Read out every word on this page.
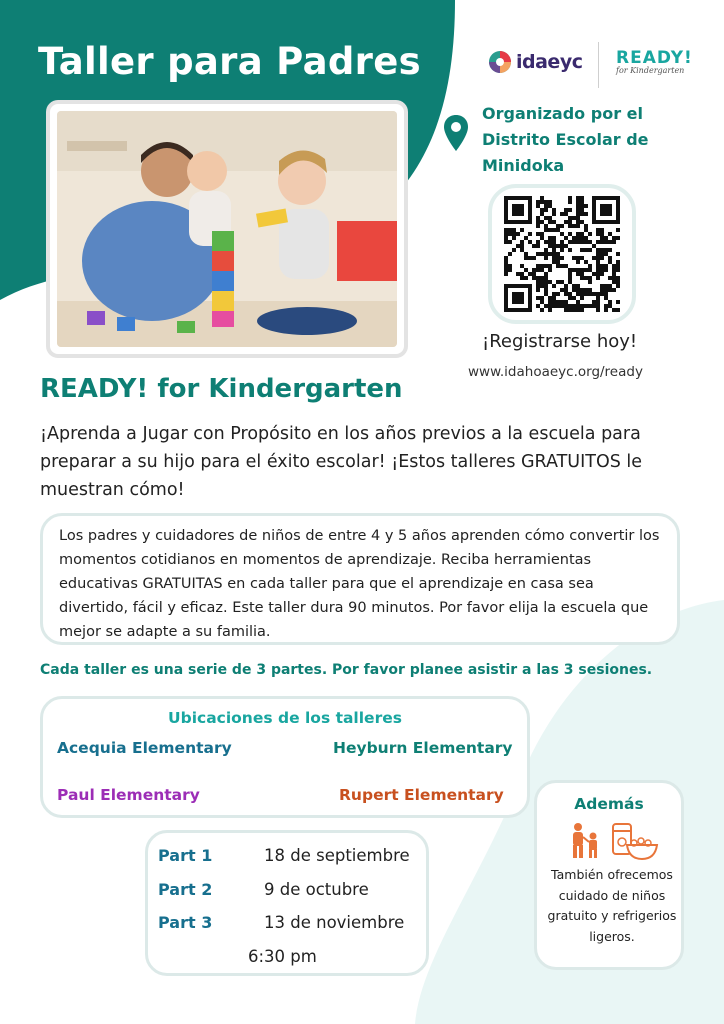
Taller para Padres	idaeyc READY!
for Kindergarten
Organizado por el Distrito Escolar de Minidoka
¡Registrarse hoy!
www.idahoaeyc.org/ready
READY! for Kindergarten
¡Aprenda a Jugar con Propósito en los años previos a la escuela para preparar a su hijo para el éxito escolar! ¡Estos talleres GRATUITOS le muestran cómo!
Los padres y cuidadores de niños de entre 4 y 5 años aprenden cómo convertir los momentos cotidianos en momentos de aprendizaje. Reciba herramientas educativas GRATUITAS en cada taller para que el aprendizaje en casa sea divertido, fácil y eficaz. Este taller dura 90 minutos. Por favor elija la escuela que mejor se adapte a su familia.
Cada taller es una serie de 3 partes. Por favor planee asistir a las 3 sesiones.
Ubicaciones de los talleres
Acequia Elementary	Heyburn Elementary
Paul Elementary	Rupert Elementary
Part 1	18 de septiembre
Part 2	9 de octubre
Part 3	13 de noviembre
6:30 pm
Además
También ofrecemos cuidado de niños gratuito y refrigerios ligeros.
